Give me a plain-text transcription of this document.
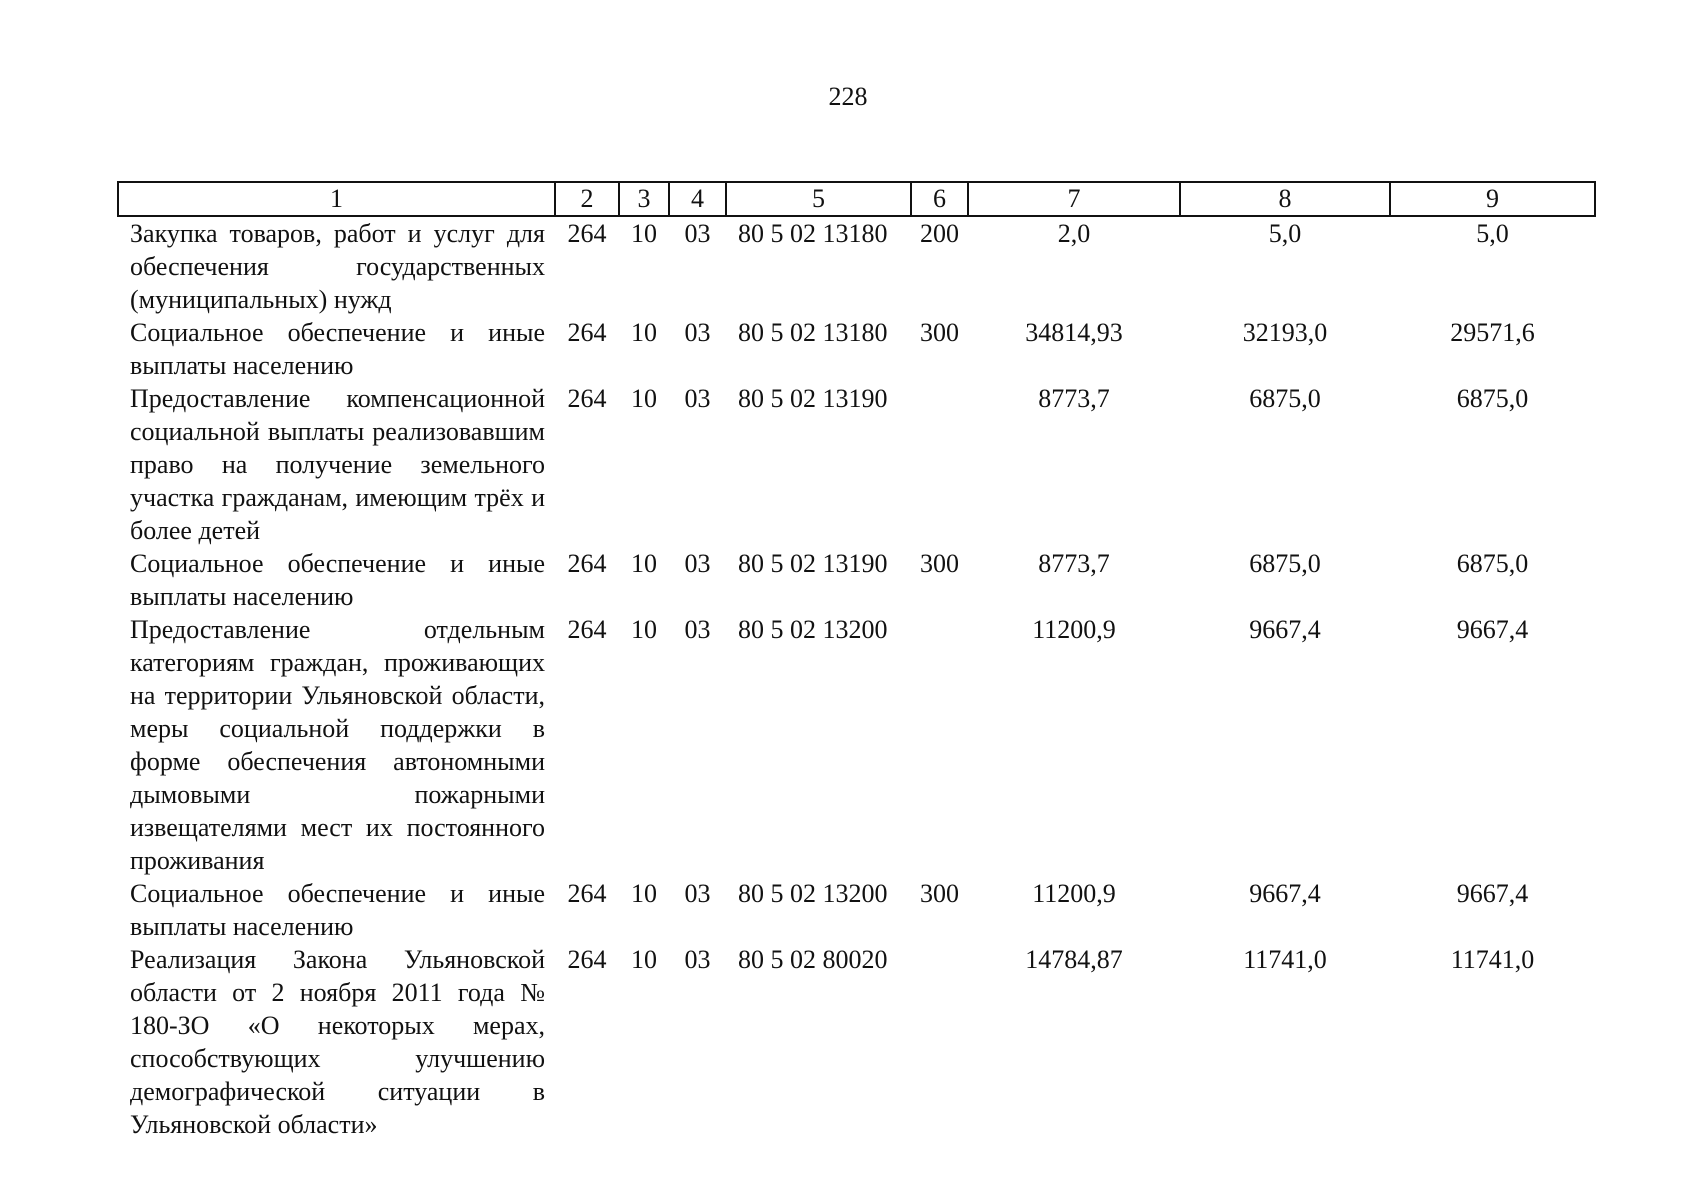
228
1	2	3	4	5	6	7	8	9
Закупка товаров, работ и услуг для обеспечения государственных (муниципальных) нужд	264	10	03	80 5 02 13180	200	2,0	5,0	5,0
Социальное обеспечение и иные выплаты населению	264	10	03	80 5 02 13180	300	34814,93	32193,0	29571,6
Предоставление компенсационной социальной выплаты реализовавшим право на получение земельного участка гражданам, имеющим трёх и более детей	264	10	03	80 5 02 13190		8773,7	6875,0	6875,0
Социальное обеспечение и иные выплаты населению	264	10	03	80 5 02 13190	300	8773,7	6875,0	6875,0
Предоставление отдельным категориям граждан, проживающих на территории Ульяновской области, меры социальной поддержки в форме обеспечения автономными дымовыми пожарными извещателями мест их постоянного проживания	264	10	03	80 5 02 13200		11200,9	9667,4	9667,4
Социальное обеспечение и иные выплаты населению	264	10	03	80 5 02 13200	300	11200,9	9667,4	9667,4
Реализация Закона Ульяновской области от 2 ноября 2011 года № 180-ЗО «О некоторых мерах, способствующих улучшению демографической ситуации в Ульяновской области»	264	10	03	80 5 02 80020		14784,87	11741,0	11741,0
